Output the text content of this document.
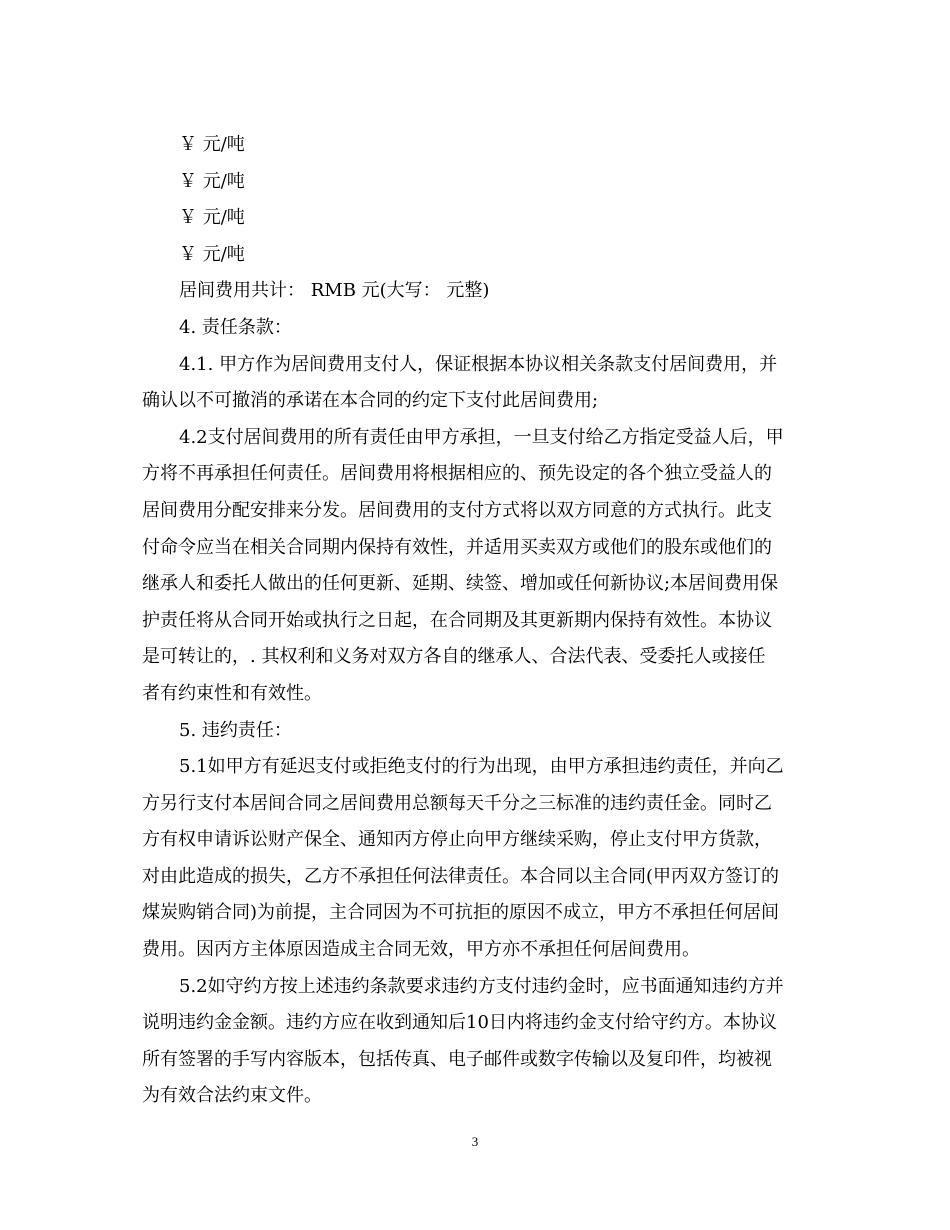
￥ 元/吨
￥ 元/吨
￥ 元/吨
￥ 元/吨
居间费用共计： RMB 元(大写： 元整)
4. 责任条款：
4.1. 甲方作为居间费用支付人，保证根据本协议相关条款支付居间费用，并
确认以不可撤消的承诺在本合同的约定下支付此居间费用;
4.2支付居间费用的所有责任由甲方承担，一旦支付给乙方指定受益人后，甲
方将不再承担任何责任。居间费用将根据相应的、预先设定的各个独立受益人的
居间费用分配安排来分发。居间费用的支付方式将以双方同意的方式执行。此支
付命令应当在相关合同期内保持有效性，并适用买卖双方或他们的股东或他们的
继承人和委托人做出的任何更新、延期、续签、增加或任何新协议;本居间费用保
护责任将从合同开始或执行之日起，在合同期及其更新期内保持有效性。本协议
是可转让的，. 其权利和义务对双方各自的继承人、合法代表、受委托人或接任
者有约束性和有效性。
5. 违约责任：
5.1如甲方有延迟支付或拒绝支付的行为出现，由甲方承担违约责任，并向乙
方另行支付本居间合同之居间费用总额每天千分之三标准的违约责任金。同时乙
方有权申请诉讼财产保全、通知丙方停止向甲方继续采购，停止支付甲方货款，
对由此造成的损失，乙方不承担任何法律责任。本合同以主合同(甲丙双方签订的
煤炭购销合同)为前提，主合同因为不可抗拒的原因不成立，甲方不承担任何居间
费用。因丙方主体原因造成主合同无效，甲方亦不承担任何居间费用。
5.2如守约方按上述违约条款要求违约方支付违约金时，应书面通知违约方并
说明违约金金额。违约方应在收到通知后10日内将违约金支付给守约方。本协议
所有签署的手写内容版本，包括传真、电子邮件或数字传输以及复印件，均被视
为有效合法约束文件。
3
